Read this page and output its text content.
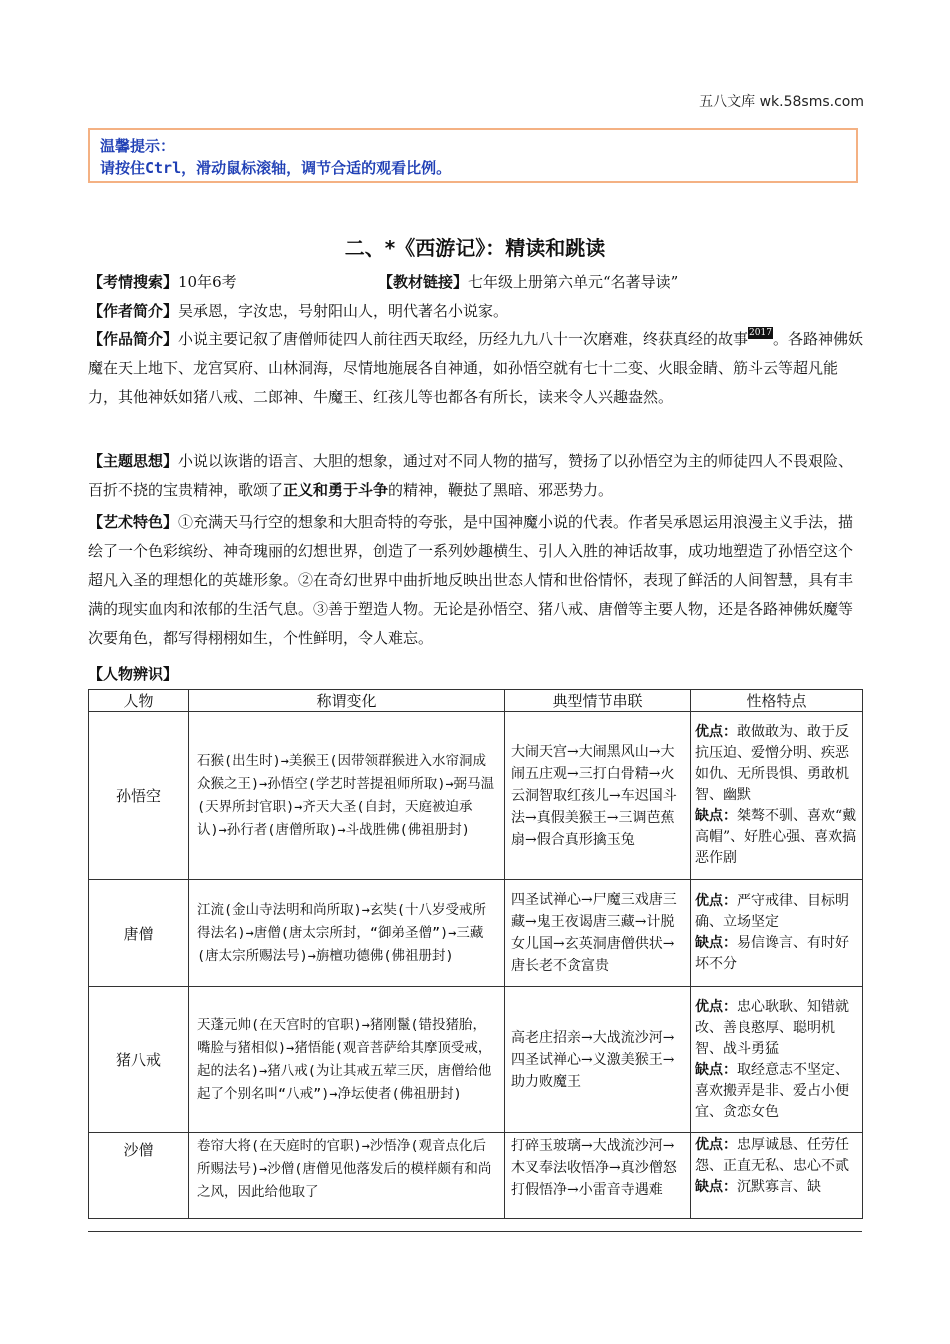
五八文库 wk.58sms.com
温馨提示：
请按住Ctrl，滑动鼠标滚轴，调节合适的观看比例。
二、*《西游记》：精读和跳读
【考情搜索】10年6考	【教材链接】七年级上册第六单元“名著导读”
【作者简介】吴承恩，字汝忠，号射阳山人，明代著名小说家。
【作品简介】小说主要记叙了唐僧师徒四人前往西天取经，历经九九八十一次磨难，终获真经的故事2017。各路神佛妖魔在天上地下、龙宫冥府、山林洞海，尽情地施展各自神通，如孙悟空就有七十二变、火眼金睛、筋斗云等超凡能力，其他神妖如猪八戒、二郎神、牛魔王、红孩儿等也都各有所长，读来令人兴趣盎然。
【主题思想】小说以诙谐的语言、大胆的想象，通过对不同人物的描写，赞扬了以孙悟空为主的师徒四人不畏艰险、百折不挠的宝贵精神，歌颂了正义和勇于斗争的精神，鞭挞了黑暗、邪恶势力。
【艺术特色】①充满天马行空的想象和大胆奇特的夸张，是中国神魔小说的代表。作者吴承恩运用浪漫主义手法，描绘了一个色彩缤纷、神奇瑰丽的幻想世界，创造了一系列妙趣横生、引人入胜的神话故事，成功地塑造了孙悟空这个超凡入圣的理想化的英雄形象。②在奇幻世界中曲折地反映出世态人情和世俗情怀，表现了鲜活的人间智慧，具有丰满的现实血肉和浓郁的生活气息。③善于塑造人物。无论是孙悟空、猪八戒、唐僧等主要人物，还是各路神佛妖魔等次要角色，都写得栩栩如生，个性鲜明，令人难忘。
【人物辨识】
人物	称谓变化	典型情节串联	性格特点
孙悟空	石猴(出生时)→美猴王(因带领群猴进入水帘洞成众猴之王)→孙悟空(学艺时菩提祖师所取)→弼马温(天界所封官职)→齐天大圣(自封，天庭被迫承认)→孙行者(唐僧所取)→斗战胜佛(佛祖册封)	大闹天宫→大闹黑风山→大闹五庄观→三打白骨精→火云洞智取红孩儿→车迟国斗法→真假美猴王→三调芭蕉扇→假合真形擒玉兔	优点：敢做敢为、敢于反抗压迫、爱憎分明、疾恶如仇、无所畏惧、勇敢机智、幽默
缺点：桀骜不驯、喜欢“戴高帽”、好胜心强、喜欢搞恶作剧
唐僧	江流(金山寺法明和尚所取)→玄奘(十八岁受戒所得法名)→唐僧(唐太宗所封，“御弟圣僧”)→三藏(唐太宗所赐法号)→旃檀功德佛(佛祖册封)	四圣试禅心→尸魔三戏唐三藏→鬼王夜谒唐三藏→计脱女儿国→玄英洞唐僧供状→唐长老不贪富贵	优点：严守戒律、目标明确、立场坚定
缺点：易信谗言、有时好坏不分
猪八戒	天蓬元帅(在天宫时的官职)→猪刚鬣(错投猪胎，嘴脸与猪相似)→猪悟能(观音菩萨给其摩顶受戒，起的法名)→猪八戒(为让其戒五荤三厌，唐僧给他起了个别名叫“八戒”)→净坛使者(佛祖册封)	高老庄招亲→大战流沙河→四圣试禅心→义激美猴王→助力败魔王	优点：忠心耿耿、知错就改、善良憨厚、聪明机智、战斗勇猛
缺点：取经意志不坚定、喜欢搬弄是非、爱占小便宜、贪恋女色
沙僧	卷帘大将(在天庭时的官职)→沙悟净(观音点化后所赐法号)→沙僧(唐僧见他落发后的模样颇有和尚之风，因此给他取了	打碎玉玻璃→大战流沙河→木叉奉法收悟净→真沙僧怒打假悟净→小雷音寺遇难	优点：忠厚诚恳、任劳任怨、正直无私、忠心不贰
缺点：沉默寡言、缺
